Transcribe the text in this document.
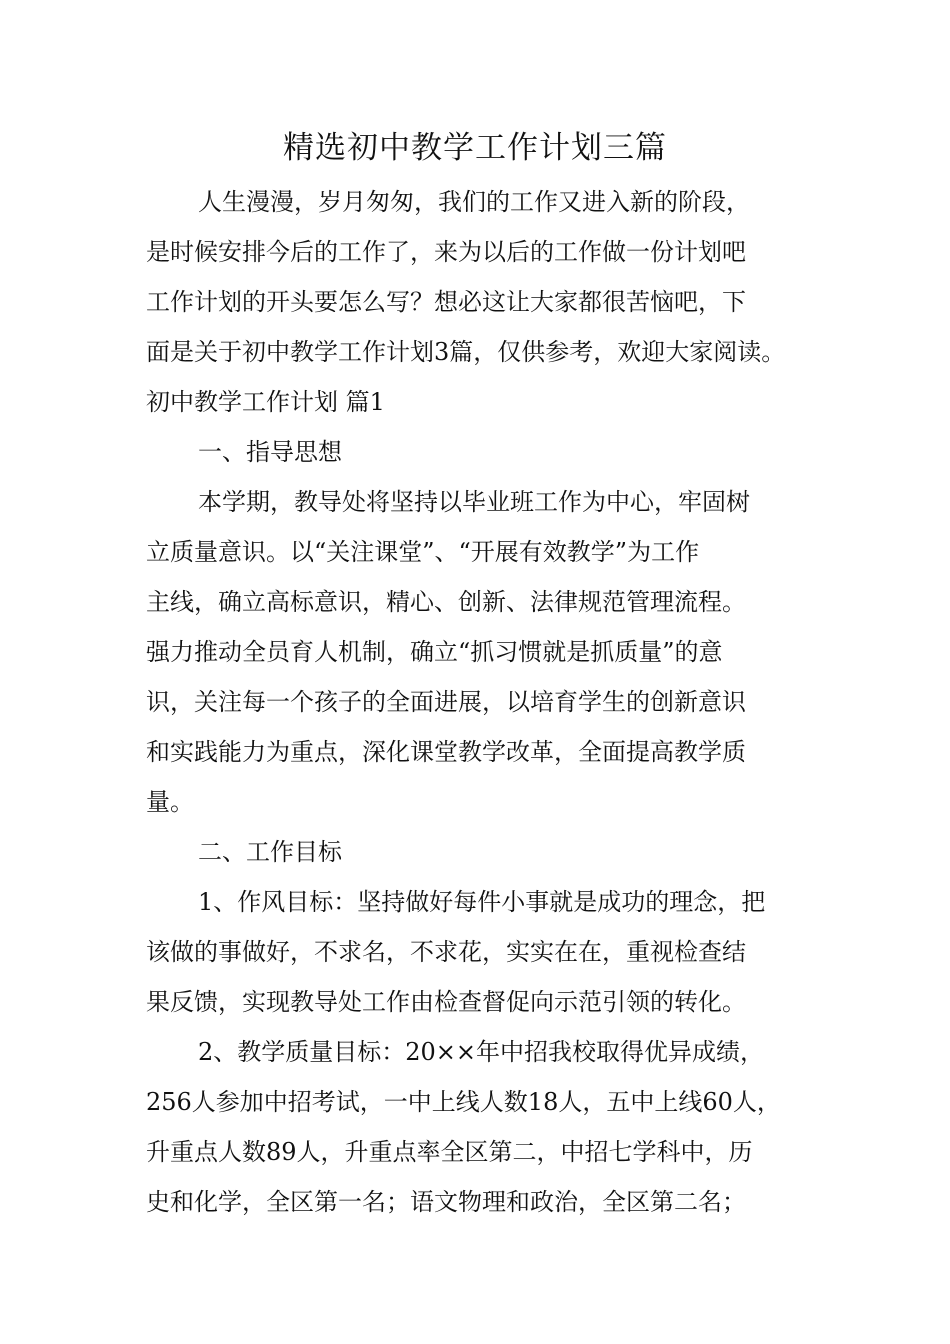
精选初中教学工作计划三篇

人生漫漫，岁月匆匆，我们的工作又进入新的阶段，

是时候安排今后的工作了，来为以后的工作做一份计划吧

工作计划的开头要怎么写？想必这让大家都很苦恼吧，下

面是关于初中教学工作计划3篇，仅供参考，欢迎大家阅读。

初中教学工作计划 篇1

一、指导思想

本学期，教导处将坚持以毕业班工作为中心，牢固树

立质量意识。以“关注课堂”、“开展有效教学”为工作

主线，确立高标意识，精心、创新、法律规范管理流程。

强力推动全员育人机制，确立“抓习惯就是抓质量”的意

识，关注每一个孩子的全面进展，以培育学生的创新意识

和实践能力为重点，深化课堂教学改革，全面提高教学质

量。

二、工作目标

1、作风目标：坚持做好每件小事就是成功的理念，把

该做的事做好，不求名，不求花，实实在在，重视检查结

果反馈，实现教导处工作由检查督促向示范引领的转化。

2、教学质量目标：20××年中招我校取得优异成绩，

256人参加中招考试，一中上线人数18人，五中上线60人，

升重点人数89人，升重点率全区第二，中招七学科中，历

史和化学，全区第一名；语文物理和政治，全区第二名；
